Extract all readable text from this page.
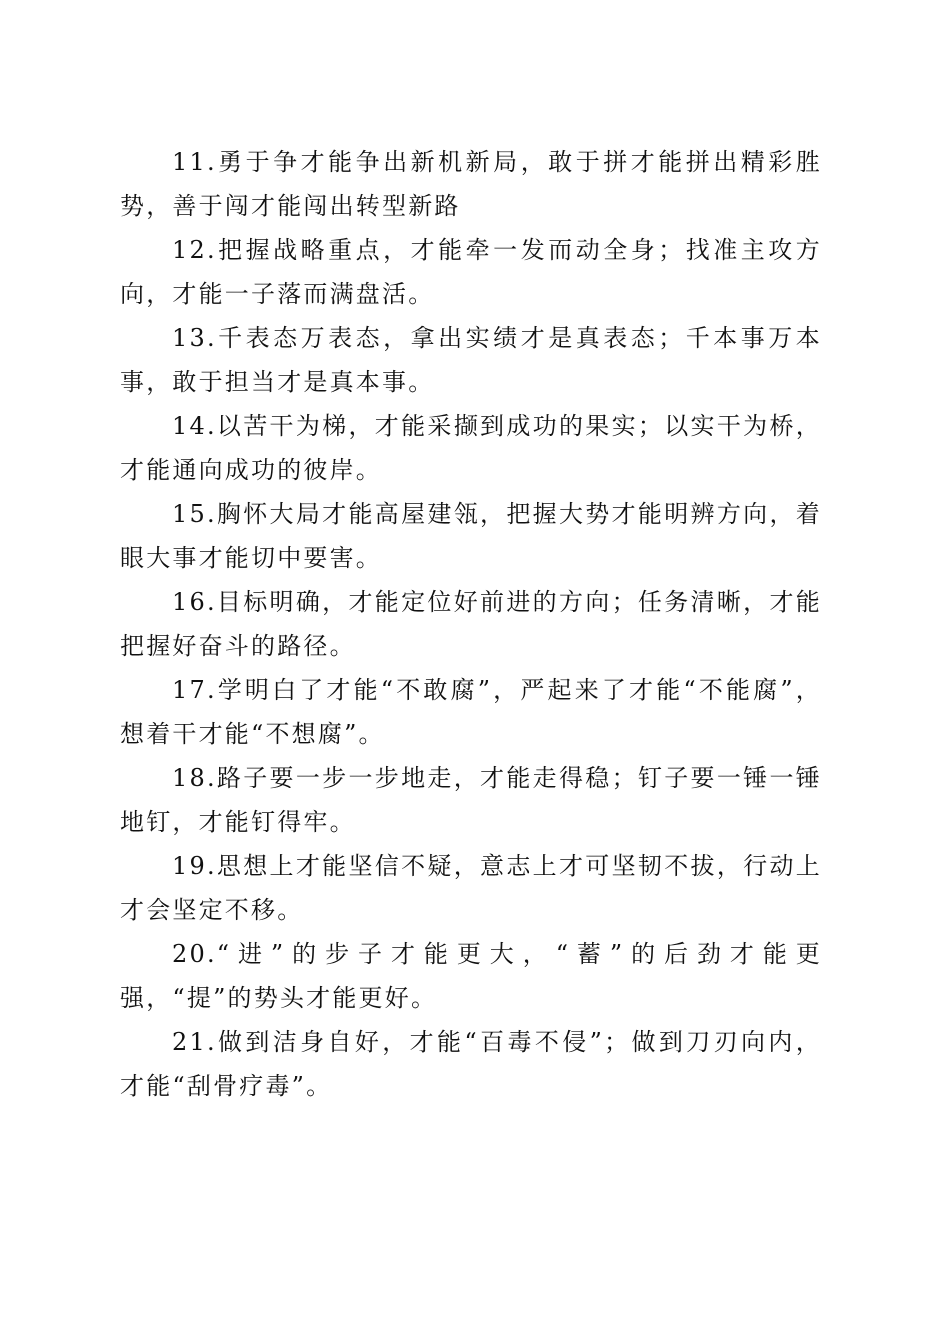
11.勇于争才能争出新机新局，敢于拼才能拼出精彩胜势，善于闯才能闯出转型新路

12.把握战略重点，才能牵一发而动全身；找准主攻方向，才能一子落而满盘活。

13.千表态万表态，拿出实绩才是真表态；千本事万本事，敢于担当才是真本事。

14.以苦干为梯，才能采撷到成功的果实；以实干为桥，才能通向成功的彼岸。

15.胸怀大局才能高屋建瓴，把握大势才能明辨方向，着眼大事才能切中要害。

16.目标明确，才能定位好前进的方向；任务清晰，才能把握好奋斗的路径。

17.学明白了才能“不敢腐”，严起来了才能“不能腐”，想着干才能“不想腐”。

18.路子要一步一步地走，才能走得稳；钉子要一锤一锤地钉，才能钉得牢。

19.思想上才能坚信不疑，意志上才可坚韧不拔，行动上才会坚定不移。

20.“进”的步子才能更大，“蓄”的后劲才能更强，“提”的势头才能更好。

21.做到洁身自好，才能“百毒不侵”；做到刀刃向内，才能“刮骨疗毒”。
